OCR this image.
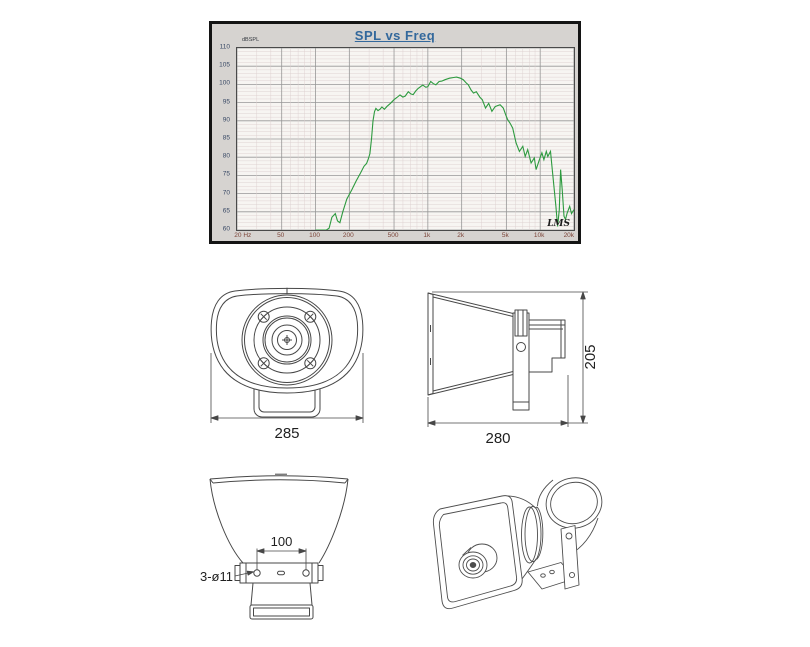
SPL vs Freq
dBSPL
110
105
100
95
90
85
80
75
70
65
60	LMS
20 Hz	50	100	200	500	1k	2k	5k	10k	20k
285
205
280
100
3-ø11
